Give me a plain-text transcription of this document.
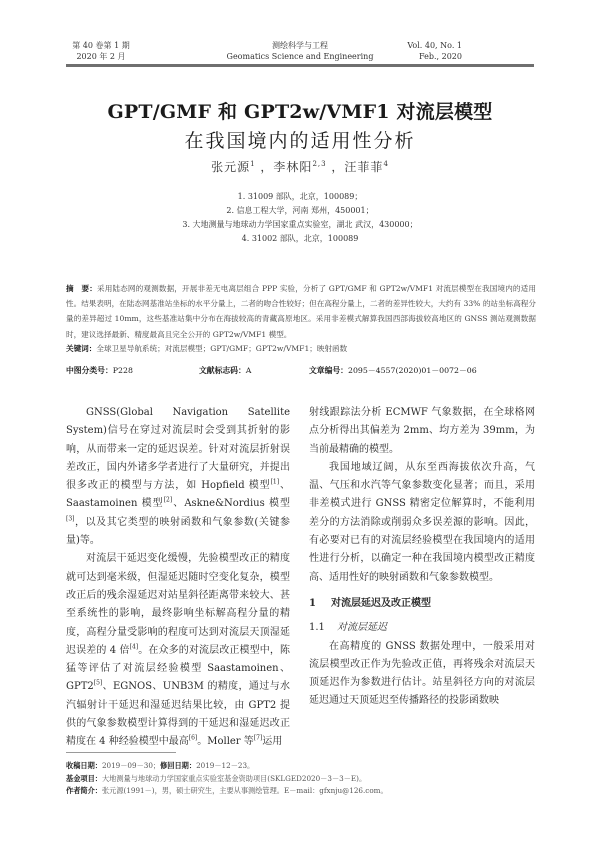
第 40 卷第 1 期
2020 年 2 月
测绘科学与工程
Geomatics Science and Engineering
Vol. 40, No. 1
Feb., 2020
GPT/GMF 和 GPT2w/VMF1 对流层模型
在我国境内的适用性分析
张元源$^1$ ，李林阳$^{2,3}$ ，汪菲菲$^4$
1. 31009 部队，北京，100089；
2. 信息工程大学，河南 郑州，450001；
3. 大地测量与地球动力学国家重点实验室，湖北 武汉，430000；
4. 31002 部队，北京，100089
摘　要：采用陆态网的观测数据，开展非差无电离层组合 PPP 实验，分析了 GPT/GMF 和 GPT2w/VMF1 对流层模型在我国境内的适用性。结果表明，在陆态网基准站坐标的水平分量上，二者的吻合性较好；但在高程分量上，二者的差异性较大，大约有 33% 的站坐标高程分量的差异超过 10mm，这些基准站集中分布在海拔较高的青藏高原地区。采用非差模式解算我国西部海拔较高地区的 GNSS 测站观测数据时，建议选择最新、精度最高且完全公开的 GPT2w/VMF1 模型。
关键词：全球卫星导航系统；对流层模型；GPT/GMF；GPT2w/VMF1；映射函数
中图分类号：P228	文献标志码：A	文章编号：2095－4557(2020)01－0072－06

GNSS(Global Navigation Satellite System)信号在穿过对流层时会受到其折射的影响，从而带来一定的延迟误差。针对对流层折射误差改正，国内外诸多学者进行了大量研究，并提出很多改正的模型与方法，如 Hopfield 模型[1]、Saastamoinen 模型[2]、Askne&Nordius 模型[3]，以及其它类型的映射函数和气象参数(关键参量)等。

对流层干延迟变化缓慢，先验模型改正的精度就可达到毫米级，但湿延迟随时空变化复杂，模型改正后的残余湿延迟对站星斜径距离带来较大、甚至系统性的影响，最终影响坐标解高程分量的精度，高程分量受影响的程度可达到对流层天顶湿延迟误差的 4 倍[4]。在众多的对流层改正模型中，陈猛等评估了对流层经验模型 Saastamoinen、GPT2[5]、EGNOS、UNB3M 的精度，通过与水汽辐射计干延迟和湿延迟结果比较，由 GPT2 提供的气象参数模型计算得到的干延迟和湿延迟改正精度在 4 种经验模型中最高[6]。Moller 等[7]运用

射线跟踪法分析 ECMWF 气象数据，在全球格网点分析得出其偏差为 2mm、均方差为 39mm，为当前最精确的模型。

我国地域辽阔，从东至西海拔依次升高，气温、气压和水汽等气象参数变化显著；而且，采用非差模式进行 GNSS 精密定位解算时，不能利用差分的方法消除或削弱众多误差源的影响。因此，有必要对已有的对流层经验模型在我国境内的适用性进行分析，以确定一种在我国境内模型改正精度高、适用性好的映射函数和气象参数模型。

1 对流层延迟及改正模型

1.1 对流层延迟

在高精度的 GNSS 数据处理中，一般采用对流层模型改正作为先验改正值，再将残余对流层天顶延迟作为参数进行估计。站星斜径方向的对流层延迟通过天顶延迟至传播路径的投影函数映

收稿日期：2019－09－30；修回日期：2019－12－23。
基金项目：大地测量与地球动力学国家重点实验室基金资助项目(SKLGED2020－3－3－E)。
作者简介：张元源(1991－)，男，硕士研究生，主要从事测绘管理。E－mail：gfxnju@126.com。
